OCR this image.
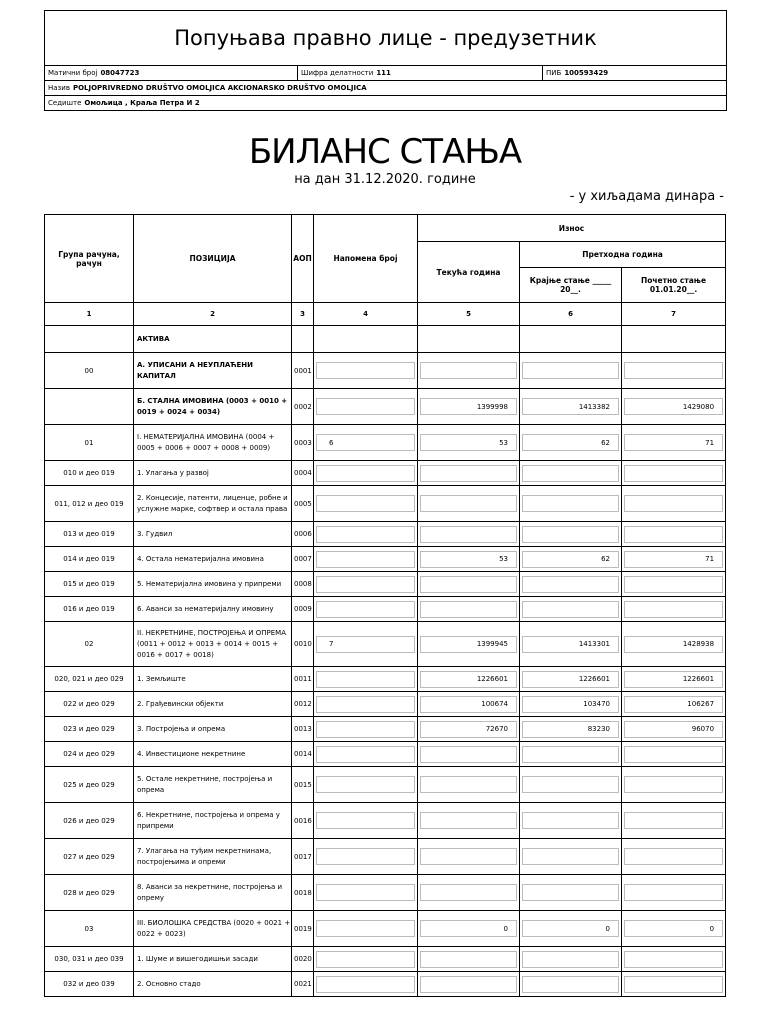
Попуњава правно лице - предузетник
Матични број 08047723	Шифра делатности 111	ПИБ 100593429
Назив POLJOPRIVREDNO DRUŠTVO OMOLJICA AKCIONARSKO DRUŠTVO OMOLJICA
Седиште Омољица , Краља Петра И 2
БИЛАНС СТАЊА
на дан 31.12.2020. године
- у хиљадама динара -
Група рачуна, рачун	ПОЗИЦИЈА	АОП	Напомена број	Износ		
				Текућа година	Претходна година	
					Крајње стање _____ 20__.	Почетно стање 01.01.20__.
1	2	3	4	5	6	7
	АКТИВА					
00	А. УПИСАНИ А НЕУПЛАЋЕНИ КАПИТАЛ	0001	

	Б. СТАЛНА ИМОВИНА (0003 + 0010 + 0019 + 0024 + 0034)	0002		1399998	1413382	1429080

01	I. НЕМАТЕРИЈАЛНА ИМОВИНА (0004 + 0005 + 0006 + 0007 + 0008 + 0009)	0003	6	53	62	71

010 и део 019	1. Улагања у развој	0004	

011, 012 и део 019	2. Концесије, патенти, лиценце, робне и услужне марке, софтвер и остала права	0005	

013 и део 019	3. Гудвил	0006	

014 и део 019	4. Остала нематеријална имовина	0007		53	62	71

015 и део 019	5. Нематеријална имовина у припреми	0008	

016 и део 019	6. Аванси за нематеријалну имовину	0009	

02	II. НЕКРЕТНИНЕ, ПОСТРОЈЕЊА И ОПРЕМА (0011 + 0012 + 0013 + 0014 + 0015 + 0016 + 0017 + 0018)	0010	7	1399945	1413301	1428938

020, 021 и део 029	1. Земљиште	0011		1226601	1226601	1226601

022 и део 029	2. Грађевински објекти	0012		100674	103470	106267

023 и део 029	3. Постројења и опрема	0013		72670	83230	96070

024 и део 029	4. Инвестиционе некретнине	0014	

025 и део 029	5. Остале некретнине, постројења и опрема	0015	

026 и део 029	6. Некретнине, постројења и опрема у припреми	0016	

027 и део 029	7. Улагања на туђим некретнинама, постројењима и опреми	0017	

028 и део 029	8. Аванси за некретнине, постројења и опрему	0018	

03	III. БИОЛОШКА СРЕДСТВА (0020 + 0021 + 0022 + 0023)	0019		0	0	0

030, 031 и део 039	1. Шуме и вишегодишњи засади	0020	

032 и део 039	2. Основно стадо	0021	
